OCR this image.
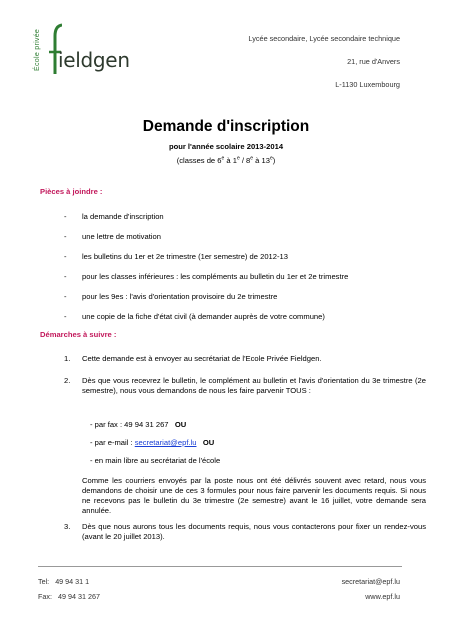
École privée ieldgen
Lycée secondaire, Lycée secondaire technique
21, rue d'Anvers
L-1130 Luxembourg
Demande d'inscription
pour l'année scolaire 2013-2014
(classes de 6e à 1e / 8e à 13e)
Pièces à joindre :
- la demande d'inscription
- une lettre de motivation
- les bulletins du 1er et 2e trimestre (1er semestre) de 2012-13
- pour les classes inférieures : les compléments au bulletin du 1er et 2e trimestre
- pour les 9es : l'avis d'orientation provisoire du 2e trimestre
- une copie de la fiche d'état civil (à demander auprès de votre commune)
Démarches à suivre :
1. Cette demande est à envoyer au secrétariat de l'Ecole Privée Fieldgen.
2. Dès que vous recevrez le bulletin, le complément au bulletin et l'avis d'orientation du 3e trimestre (2e semestre), nous vous demandons de nous les faire parvenir TOUS :
- par fax : 49 94 31 267 OU
- par e-mail : secretariat@epf.lu OU
- en main libre au secrétariat de l'école
Comme les courriers envoyés par la poste nous ont été délivrés souvent avec retard, nous vous demandons de choisir une de ces 3 formules pour nous faire parvenir les documents requis. Si nous ne recevons pas le bulletin du 3e trimestre (2e semestre) avant le 16 juillet, votre demande sera annulée.
3. Dès que nous aurons tous les documents requis, nous vous contacterons pour fixer un rendez-vous (avant le 20 juillet 2013).
Tel: 49 94 31 1
Fax: 49 94 31 267
secretariat@epf.lu
www.epf.lu
